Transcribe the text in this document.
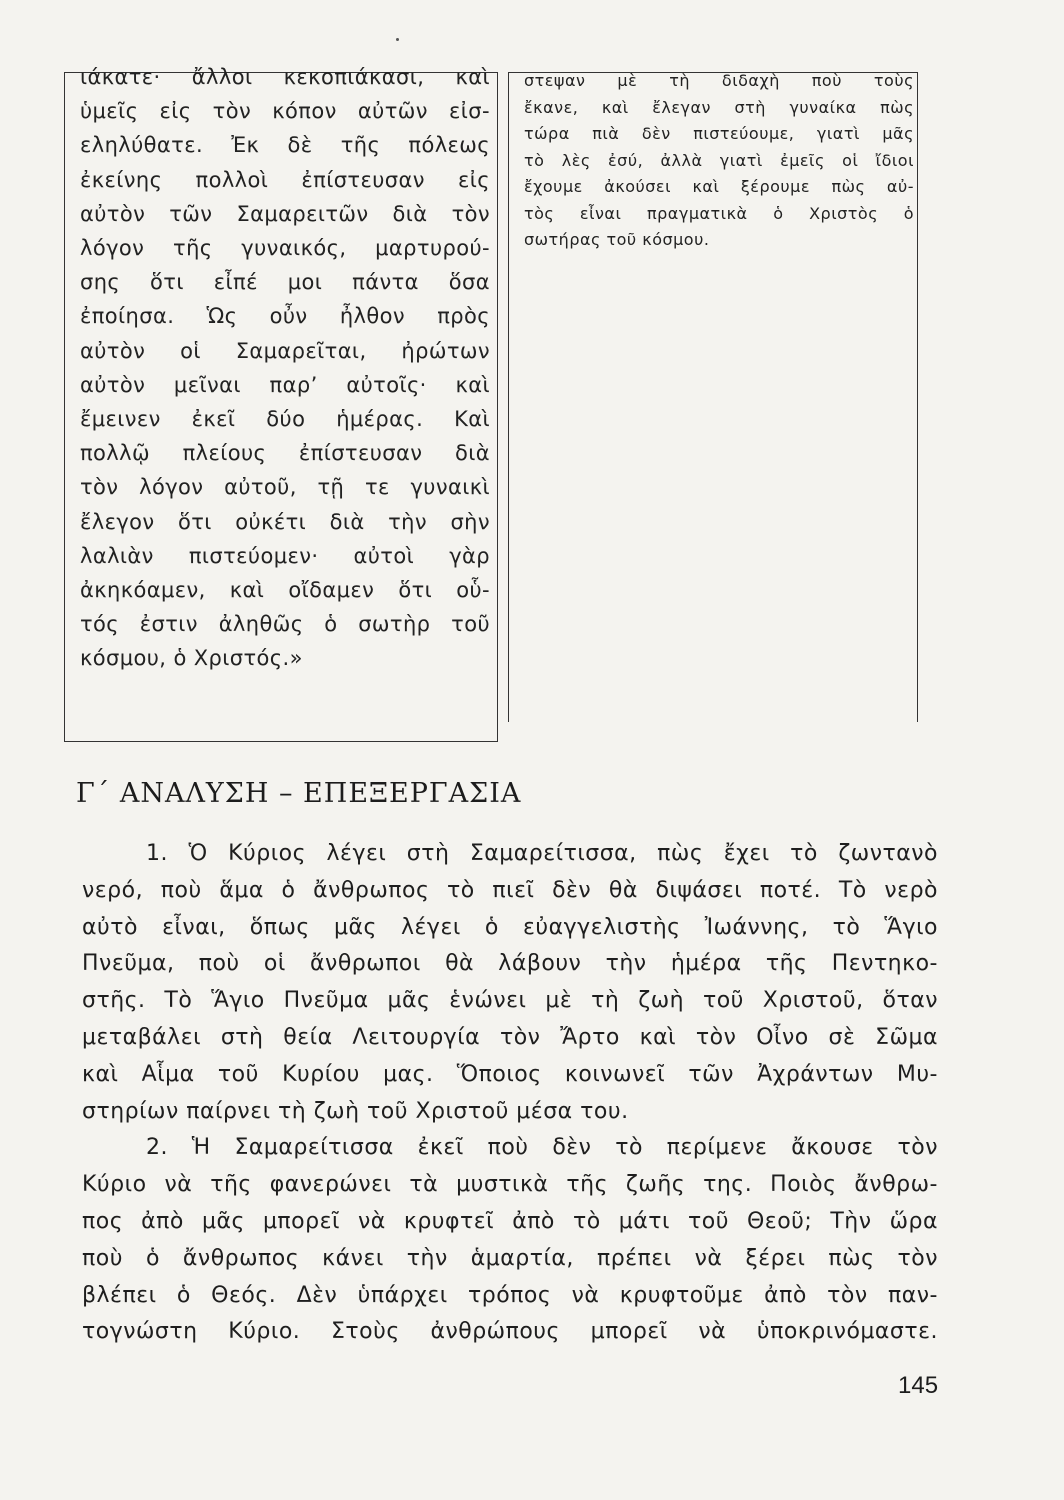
ιάκατε· ἄλλοι κεκοπιάκασι, καὶ
ὑμεῖς εἰς τὸν κόπον αὐτῶν εἰσ-
εληλύθατε. Ἐκ δὲ τῆς πόλεως
ἐκείνης πολλοὶ ἐπίστευσαν εἰς
αὐτὸν τῶν Σαμαρειτῶν διὰ τὸν
λόγον τῆς γυναικός, μαρτυρού-
σης ὅτι εἶπέ μοι πάντα ὅσα
ἐποίησα. Ὡς οὖν ἦλθον πρὸς
αὐτὸν οἱ Σαμαρεῖται, ἠρώτων
αὐτὸν μεῖναι παρ’ αὐτοῖς· καὶ
ἔμεινεν ἐκεῖ δύο ἡμέρας. Καὶ
πολλῷ πλείους ἐπίστευσαν διὰ
τὸν λόγον αὐτοῦ, τῇ τε γυναικὶ
ἔλεγον ὅτι οὐκέτι διὰ τὴν σὴν
λαλιὰν πιστεύομεν· αὐτοὶ γὰρ
ἀκηκόαμεν, καὶ οἴδαμεν ὅτι οὗ-
τός ἐστιν ἀληθῶς ὁ σωτὴρ τοῦ
κόσμου, ὁ Χριστός.»
στεψαν μὲ τὴ διδαχὴ ποὺ τοὺς
ἔκανε, καὶ ἔλεγαν στὴ γυναίκα πὼς
τώρα πιὰ δὲν πιστεύουμε, γιατὶ μᾶς
τὸ λὲς ἐσύ, ἀλλὰ γιατὶ ἐμεῖς οἱ ἴδιοι
ἔχουμε ἀκούσει καὶ ξέρουμε πὼς αὐ-
τὸς εἶναι πραγματικὰ ὁ Χριστὸς ὁ
σωτήρας τοῦ κόσμου.
Γ΄ ΑΝΑΛΥΣΗ – ΕΠΕΞΕΡΓΑΣΙΑ
1. Ὁ Κύριος λέγει στὴ Σαμαρείτισσα, πὼς ἔχει τὸ ζωντανὸ
νερό, ποὺ ἅμα ὁ ἄνθρωπος τὸ πιεῖ δὲν θὰ διψάσει ποτέ. Τὸ νερὸ
αὐτὸ εἶναι, ὅπως μᾶς λέγει ὁ εὐαγγελιστὴς Ἰωάννης, τὸ Ἅγιο
Πνεῦμα, ποὺ οἱ ἄνθρωποι θὰ λάβουν τὴν ἡμέρα τῆς Πεντηκο-
στῆς. Τὸ Ἅγιο Πνεῦμα μᾶς ἑνώνει μὲ τὴ ζωὴ τοῦ Χριστοῦ, ὅταν
μεταβάλει στὴ θεία Λειτουργία τὸν Ἄρτο καὶ τὸν Οἶνο σὲ Σῶμα
καὶ Αἷμα τοῦ Κυρίου μας. Ὅποιος κοινωνεῖ τῶν Ἀχράντων Μυ-
στηρίων παίρνει τὴ ζωὴ τοῦ Χριστοῦ μέσα του.
2. Ἡ Σαμαρείτισσα ἐκεῖ ποὺ δὲν τὸ περίμενε ἄκουσε τὸν
Κύριο νὰ τῆς φανερώνει τὰ μυστικὰ τῆς ζωῆς της. Ποιὸς ἄνθρω-
πος ἀπὸ μᾶς μπορεῖ νὰ κρυφτεῖ ἀπὸ τὸ μάτι τοῦ Θεοῦ; Τὴν ὥρα
ποὺ ὁ ἄνθρωπος κάνει τὴν ἁμαρτία, πρέπει νὰ ξέρει πὼς τὸν
βλέπει ὁ Θεός. Δὲν ὑπάρχει τρόπος νὰ κρυφτοῦμε ἀπὸ τὸν παν-
τογνώστη Κύριο. Στοὺς ἀνθρώπους μπορεῖ νὰ ὑποκρινόμαστε.
145
